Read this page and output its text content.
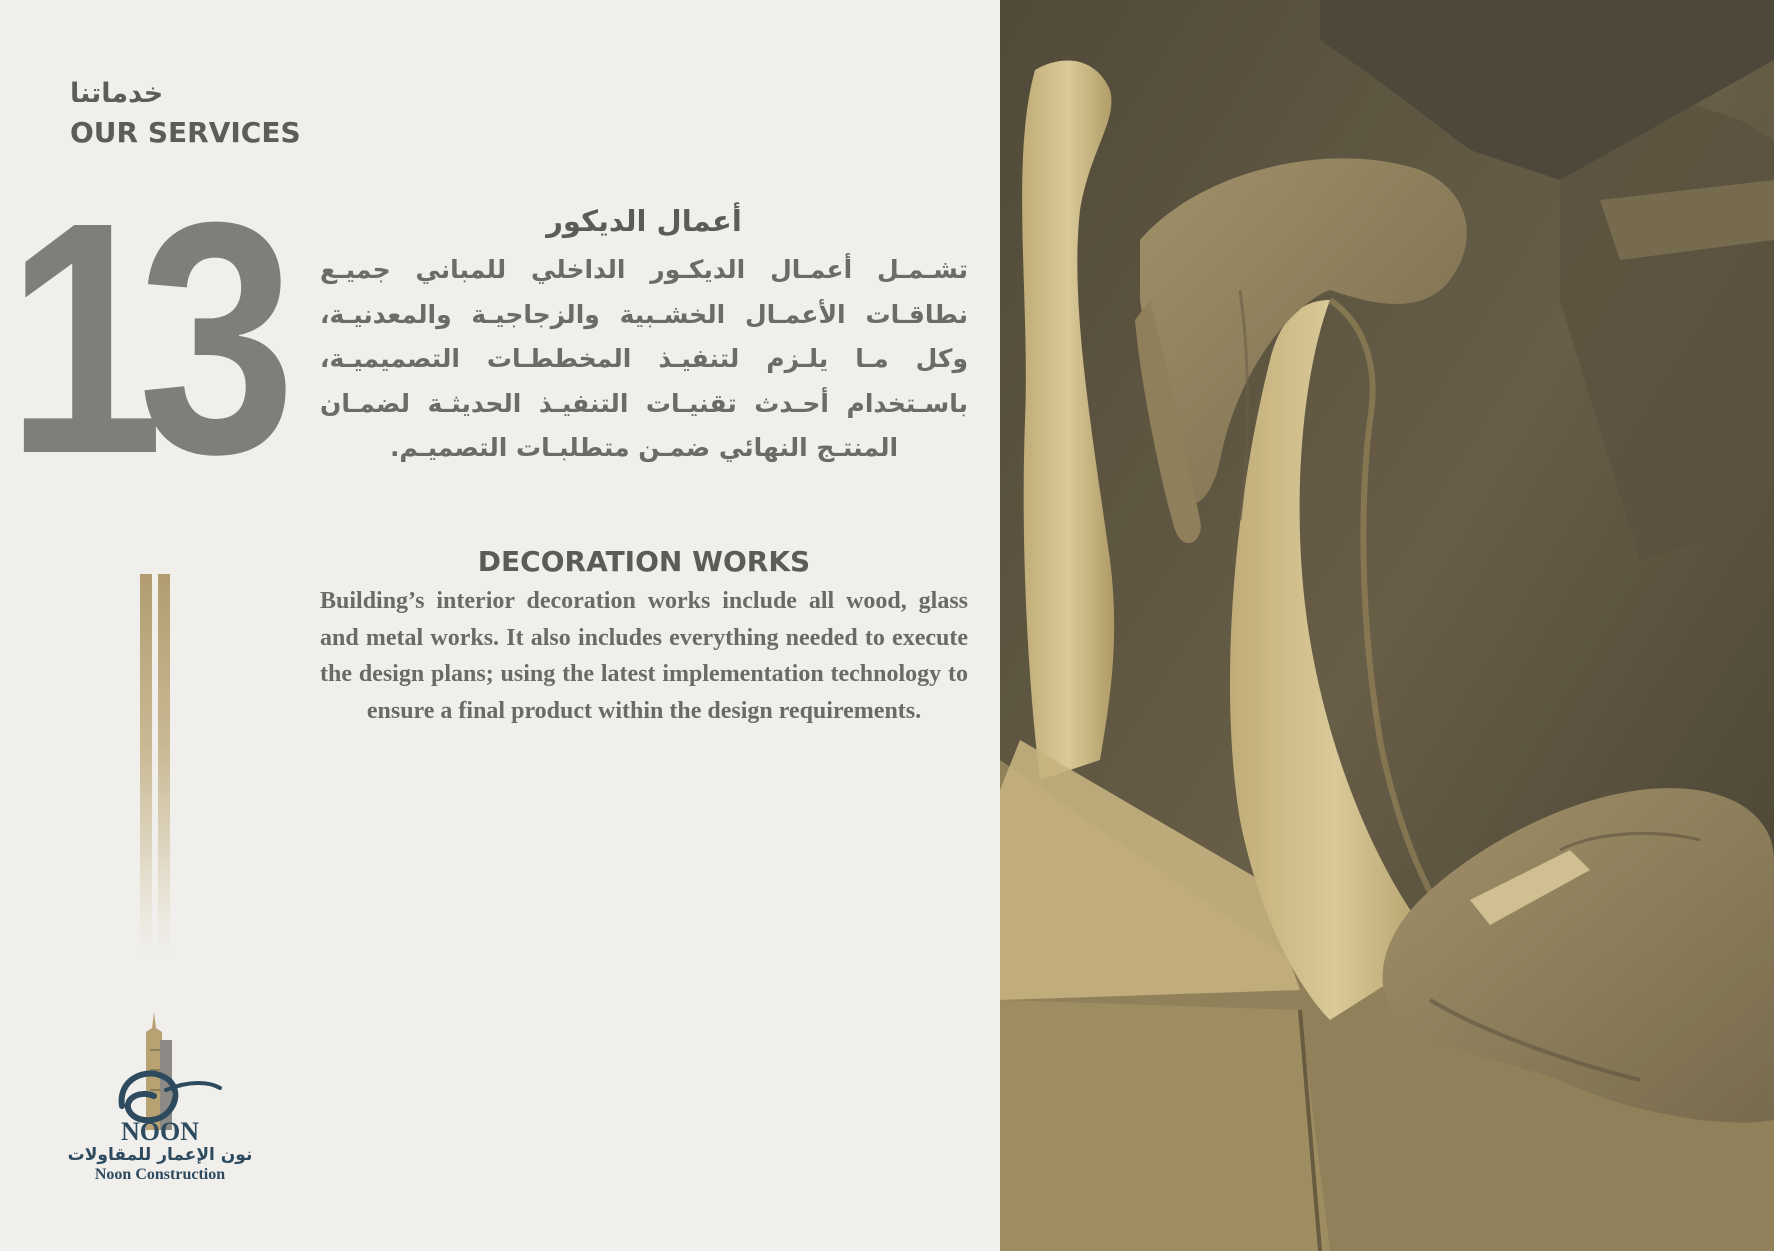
خدماتنا
OUR SERVICES
13	أعمال الديكور
تشـمـل أعمـال الديكـور الداخلي للمباني جميـع نطاقـات الأعمـال الخشـبية والزجاجيـة والمعدنيـة، وكل مـا يلـزم لتنفيـذ المخططـات التصميميـة، باسـتخدام أحـدث تقنيـات التنفيـذ الحديثـة لضمـان المنتـج النهائي ضمـن متطلبـات التصميـم.
DECORATION WORKS
Building’s interior decoration works include all wood, glass and metal works. It also includes everything needed to execute the design plans; using the latest implementation technology to ensure a final product within the design requirements.
NOON
نون الإعمار للمقاولات
Noon Construction
